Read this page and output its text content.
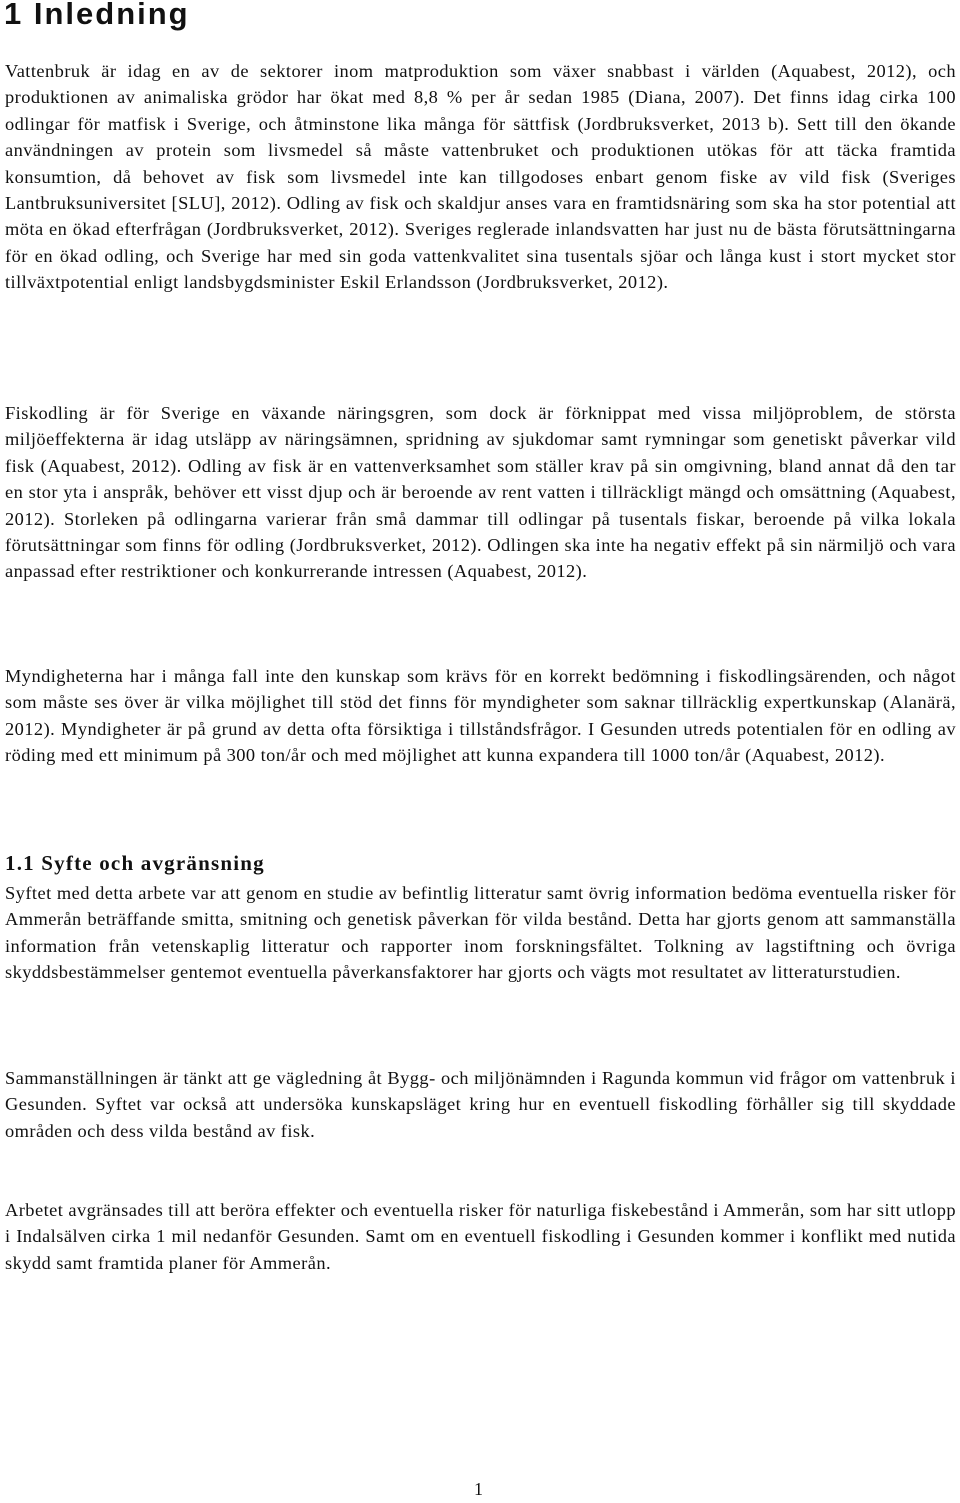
1 Inledning

Vattenbruk är idag en av de sektorer inom matproduktion som växer snabbast i världen (Aquabest, 2012), och produktionen av animaliska grödor har ökat med 8,8 % per år sedan 1985 (Diana, 2007). Det finns idag cirka 100 odlingar för matfisk i Sverige, och åtminstone lika många för sättfisk (Jordbruksverket, 2013 b). Sett till den ökande användningen av protein som livsmedel så måste vattenbruket och produktionen utökas för att täcka framtida konsumtion, då behovet av fisk som livsmedel inte kan tillgodoses enbart genom fiske av vild fisk (Sveriges Lantbruksuniversitet [SLU], 2012). Odling av fisk och skaldjur anses vara en framtidsnäring som ska ha stor potential att möta en ökad efterfrågan (Jordbruksverket, 2012). Sveriges reglerade inlandsvatten har just nu de bästa förutsättningarna för en ökad odling, och Sverige har med sin goda vattenkvalitet sina tusentals sjöar och långa kust i stort mycket stor tillväxtpotential enligt landsbygdsminister Eskil Erlandsson (Jordbruksverket, 2012).

Fiskodling är för Sverige en växande näringsgren, som dock är förknippat med vissa miljöproblem, de största miljöeffekterna är idag utsläpp av näringsämnen, spridning av sjukdomar samt rymningar som genetiskt påverkar vild fisk (Aquabest, 2012). Odling av fisk är en vattenverksamhet som ställer krav på sin omgivning, bland annat då den tar en stor yta i anspråk, behöver ett visst djup och är beroende av rent vatten i tillräckligt mängd och omsättning (Aquabest, 2012). Storleken på odlingarna varierar från små dammar till odlingar på tusentals fiskar, beroende på vilka lokala förutsättningar som finns för odling (Jordbruksverket, 2012). Odlingen ska inte ha negativ effekt på sin närmiljö och vara anpassad efter restriktioner och konkurrerande intressen (Aquabest, 2012).

Myndigheterna har i många fall inte den kunskap som krävs för en korrekt bedömning i fiskodlingsärenden, och något som måste ses över är vilka möjlighet till stöd det finns för myndigheter som saknar tillräcklig expertkunskap (Alanärä, 2012). Myndigheter är på grund av detta ofta försiktiga i tillståndsfrågor. I Gesunden utreds potentialen för en odling av röding med ett minimum på 300 ton/år och med möjlighet att kunna expandera till 1000 ton/år (Aquabest, 2012).

1.1 Syfte och avgränsning

Syftet med detta arbete var att genom en studie av befintlig litteratur samt övrig information bedöma eventuella risker för Ammerån beträffande smitta, smitning och genetisk påverkan för vilda bestånd. Detta har gjorts genom att sammanställa information från vetenskaplig litteratur och rapporter inom forskningsfältet. Tolkning av lagstiftning och övriga skyddsbestämmelser gentemot eventuella påverkansfaktorer har gjorts och vägts mot resultatet av litteraturstudien.

Sammanställningen är tänkt att ge vägledning åt Bygg- och miljönämnden i Ragunda kommun vid frågor om vattenbruk i Gesunden. Syftet var också att undersöka kunskapsläget kring hur en eventuell fiskodling förhåller sig till skyddade områden och dess vilda bestånd av fisk.

Arbetet avgränsades till att beröra effekter och eventuella risker för naturliga fiskebestånd i Ammerån, som har sitt utlopp i Indalsälven cirka 1 mil nedanför Gesunden. Samt om en eventuell fiskodling i Gesunden kommer i konflikt med nutida skydd samt framtida planer för Ammerån.

1
